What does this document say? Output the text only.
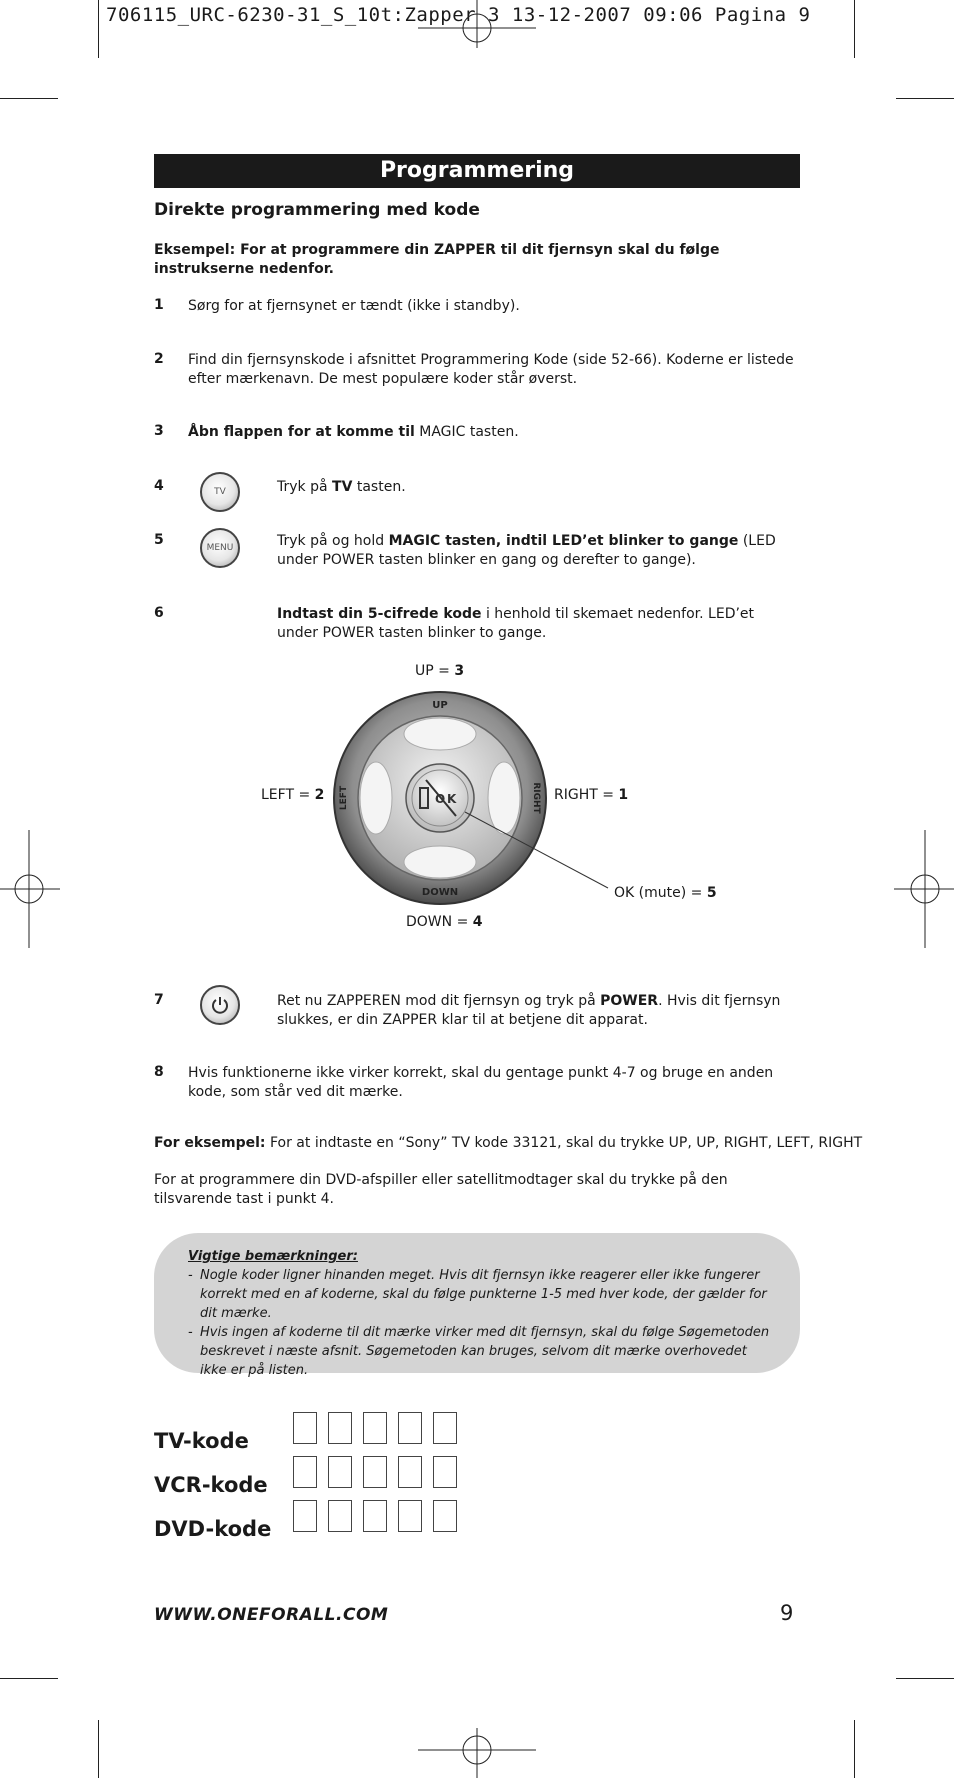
706115_URC-6230-31_S_10t:Zapper 3 13-12-2007 09:06 Pagina 9
Programmering
Direkte programmering med kode
Eksempel: For at programmere din ZAPPER til dit fjernsyn skal du følge instrukserne nedenfor.
1 Sørg for at fjernsynet er tændt (ikke i standby).
2 Find din fjernsynskode i afsnittet Programmering Kode (side 52-66). Koderne er listede efter mærkenavn. De mest populære koder står øverst.
3 Åbn flappen for at komme til MAGIC tasten.
4	TV	Tryk på TV tasten.
5	MENU	Tryk på og hold MAGIC tasten, indtil LED’et blinker to gange (LED under POWER tasten blinker en gang og derefter to gange).
6	Indtast din 5-cifrede kode i henhold til skemaet nedenfor. LED’et under POWER tasten blinker to gange.
UP = 3
LEFT = 2	RIGHT = 1
DOWN = 4
OK (mute) = 5
UP
DOWN
LEFT	RIGHT
O K
7	Ret nu ZAPPEREN mod dit fjernsyn og tryk på POWER. Hvis dit fjernsyn slukkes, er din ZAPPER klar til at betjene dit apparat.
8 Hvis funktionerne ikke virker korrekt, skal du gentage punkt 4-7 og bruge en anden kode, som står ved dit mærke.
For eksempel: For at indtaste en “Sony” TV kode 33121, skal du trykke UP, UP, RIGHT, LEFT, RIGHT
For at programmere din DVD-afspiller eller satellitmodtager skal du trykke på den tilsvarende tast i punkt 4.
Vigtige bemærkninger:
- Nogle koder ligner hinanden meget. Hvis dit fjernsyn ikke reagerer eller ikke fungerer korrekt med en af koderne, skal du følge punkterne 1-5 med hver kode, der gælder for dit mærke.
- Hvis ingen af koderne til dit mærke virker med dit fjernsyn, skal du følge Søgemetoden beskrevet i næste afsnit. Søgemetoden kan bruges, selvom dit mærke overhovedet ikke er på listen.
TV-kode
VCR-kode
DVD-kode
WWW.ONEFORALL.COM	9
